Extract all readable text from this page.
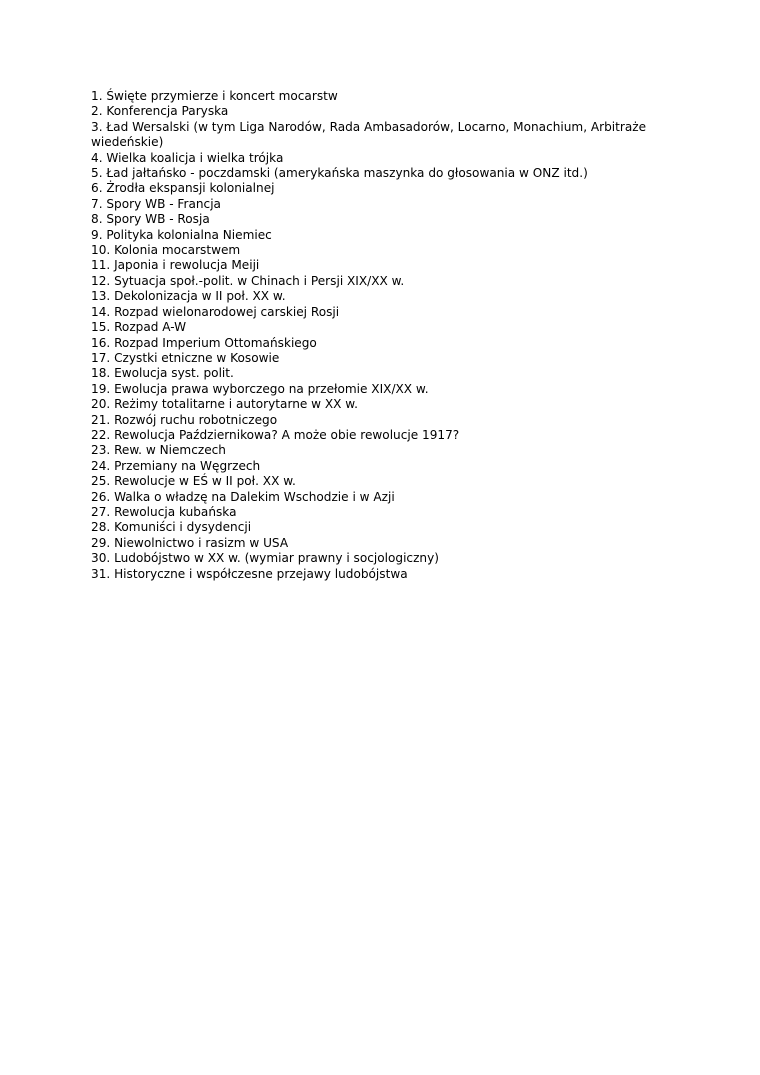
1. Święte przymierze i koncert mocarstw
2. Konferencja Paryska
3. Ład Wersalski (w tym Liga Narodów, Rada Ambasadorów, Locarno, Monachium, Arbitraże wiedeńskie)
4. Wielka koalicja i wielka trójka
5. Ład jałtańsko - poczdamski (amerykańska maszynka do głosowania w ONZ itd.)
6. Żrodła ekspansji kolonialnej
7. Spory WB - Francja
8. Spory WB - Rosja
9. Polityka kolonialna Niemiec
10. Kolonia mocarstwem
11. Japonia i rewolucja Meiji
12. Sytuacja społ.-polit. w Chinach i Persji XIX/XX w.
13. Dekolonizacja w II poł. XX w.
14. Rozpad wielonarodowej carskiej Rosji
15. Rozpad A-W
16. Rozpad Imperium Ottomańskiego
17. Czystki etniczne w Kosowie
18. Ewolucja syst. polit.
19. Ewolucja prawa wyborczego na przełomie XIX/XX w.
20. Reżimy totalitarne i autorytarne w XX w.
21. Rozwój ruchu robotniczego
22. Rewolucja Październikowa? A może obie rewolucje 1917?
23. Rew. w Niemczech
24. Przemiany na Węgrzech
25. Rewolucje w EŚ w II poł. XX w.
26. Walka o władzę na Dalekim Wschodzie i w Azji
27. Rewolucja kubańska
28. Komuniści i dysydencji
29. Niewolnictwo i rasizm w USA
30. Ludobójstwo w XX w. (wymiar prawny i socjologiczny)
31. Historyczne i współczesne przejawy ludobójstwa
